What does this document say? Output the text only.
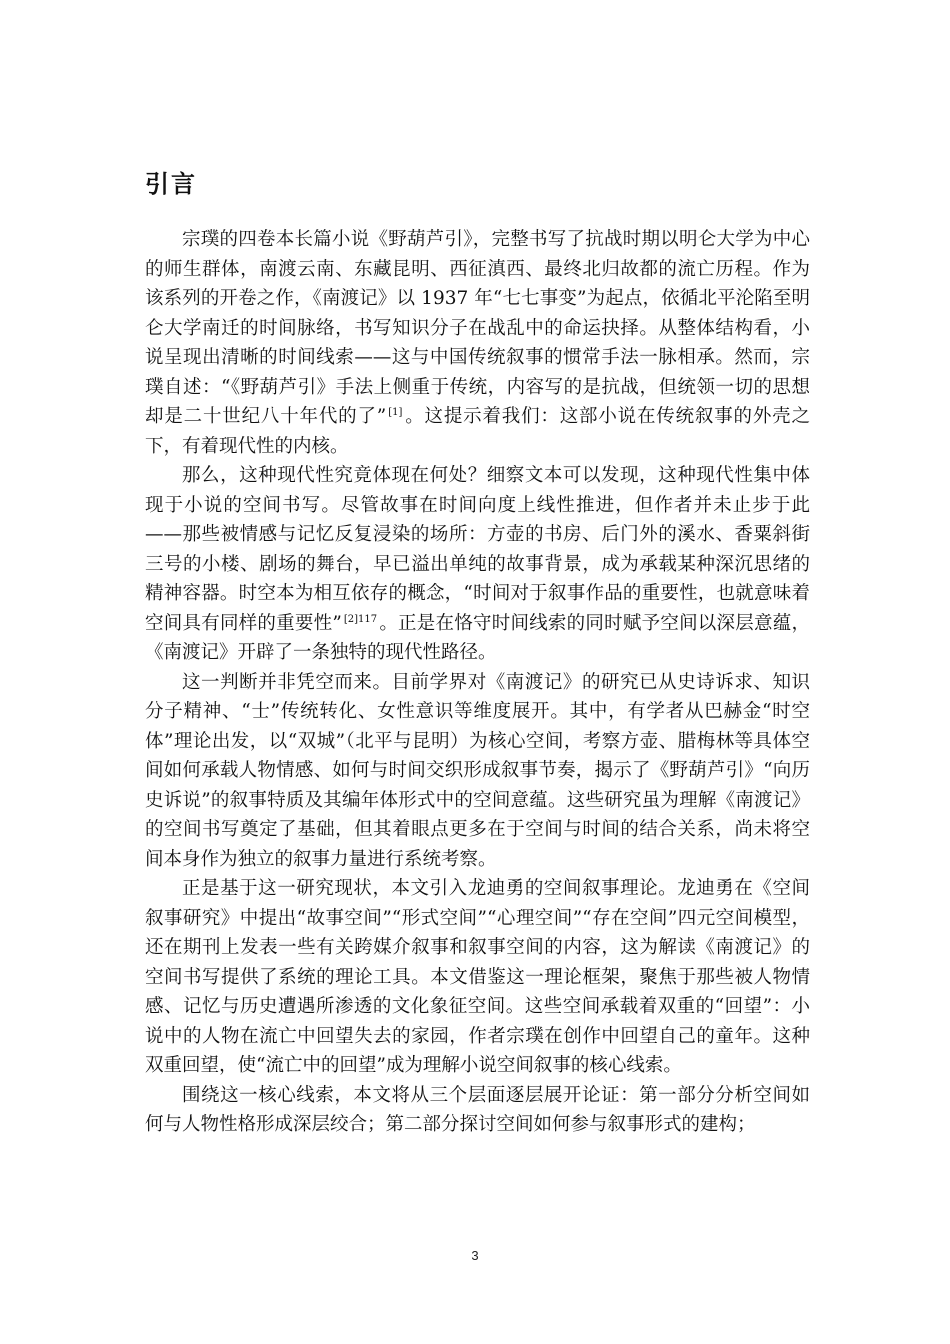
引言

宗璞的四卷本长篇小说《野葫芦引》，完整书写了抗战时期以明仑大学为中心的师生群体，南渡云南、东藏昆明、西征滇西、最终北归故都的流亡历程。作为该系列的开卷之作，《南渡记》以 1937 年“七七事变”为起点，依循北平沦陷至明仑大学南迁的时间脉络，书写知识分子在战乱中的命运抉择。从整体结构看，小说呈现出清晰的时间线索——这与中国传统叙事的惯常手法一脉相承。然而，宗璞自述：“《野葫芦引》手法上侧重于传统，内容写的是抗战，但统领一切的思想却是二十世纪八十年代的了” [1] 。这提示着我们：这部小说在传统叙事的外壳之下，有着现代性的内核。

那么，这种现代性究竟体现在何处？细察文本可以发现，这种现代性集中体现于小说的空间书写。尽管故事在时间向度上线性推进，但作者并未止步于此——那些被情感与记忆反复浸染的场所：方壶的书房、后门外的溪水、香粟斜街三号的小楼、剧场的舞台，早已溢出单纯的故事背景，成为承载某种深沉思绪的精神容器。时空本为相互依存的概念，“时间对于叙事作品的重要性，也就意味着空间具有同样的重要性” $^{[2]117}$ 。正是在恪守时间线索的同时赋予空间以深层意蕴，《南渡记》开辟了一条独特的现代性路径。

这一判断并非凭空而来。目前学界对《南渡记》的研究已从史诗诉求、知识分子精神、“士”传统转化、女性意识等维度展开。其中，有学者从巴赫金“时空体”理论出发，以“双城”（北平与昆明）为核心空间，考察方壶、腊梅林等具体空间如何承载人物情感、如何与时间交织形成叙事节奏，揭示了《野葫芦引》“向历史诉说”的叙事特质及其编年体形式中的空间意蕴。这些研究虽为理解《南渡记》的空间书写奠定了基础，但其着眼点更多在于空间与时间的结合关系，尚未将空间本身作为独立的叙事力量进行系统考察。

正是基于这一研究现状，本文引入龙迪勇的空间叙事理论。龙迪勇在《空间叙事研究》中提出“故事空间”“形式空间”“心理空间”“存在空间”四元空间模型，还在期刊上发表一些有关跨媒介叙事和叙事空间的内容，这为解读《南渡记》的空间书写提供了系统的理论工具。本文借鉴这一理论框架，聚焦于那些被人物情感、记忆与历史遭遇所渗透的文化象征空间。这些空间承载着双重的“回望”：小说中的人物在流亡中回望失去的家园，作者宗璞在创作中回望自己的童年。这种双重回望，使“流亡中的回望”成为理解小说空间叙事的核心线索。

围绕这一核心线索，本文将从三个层面逐层展开论证：第一部分分析空间如何与人物性格形成深层绞合；第二部分探讨空间如何参与叙事形式的建构；

3
